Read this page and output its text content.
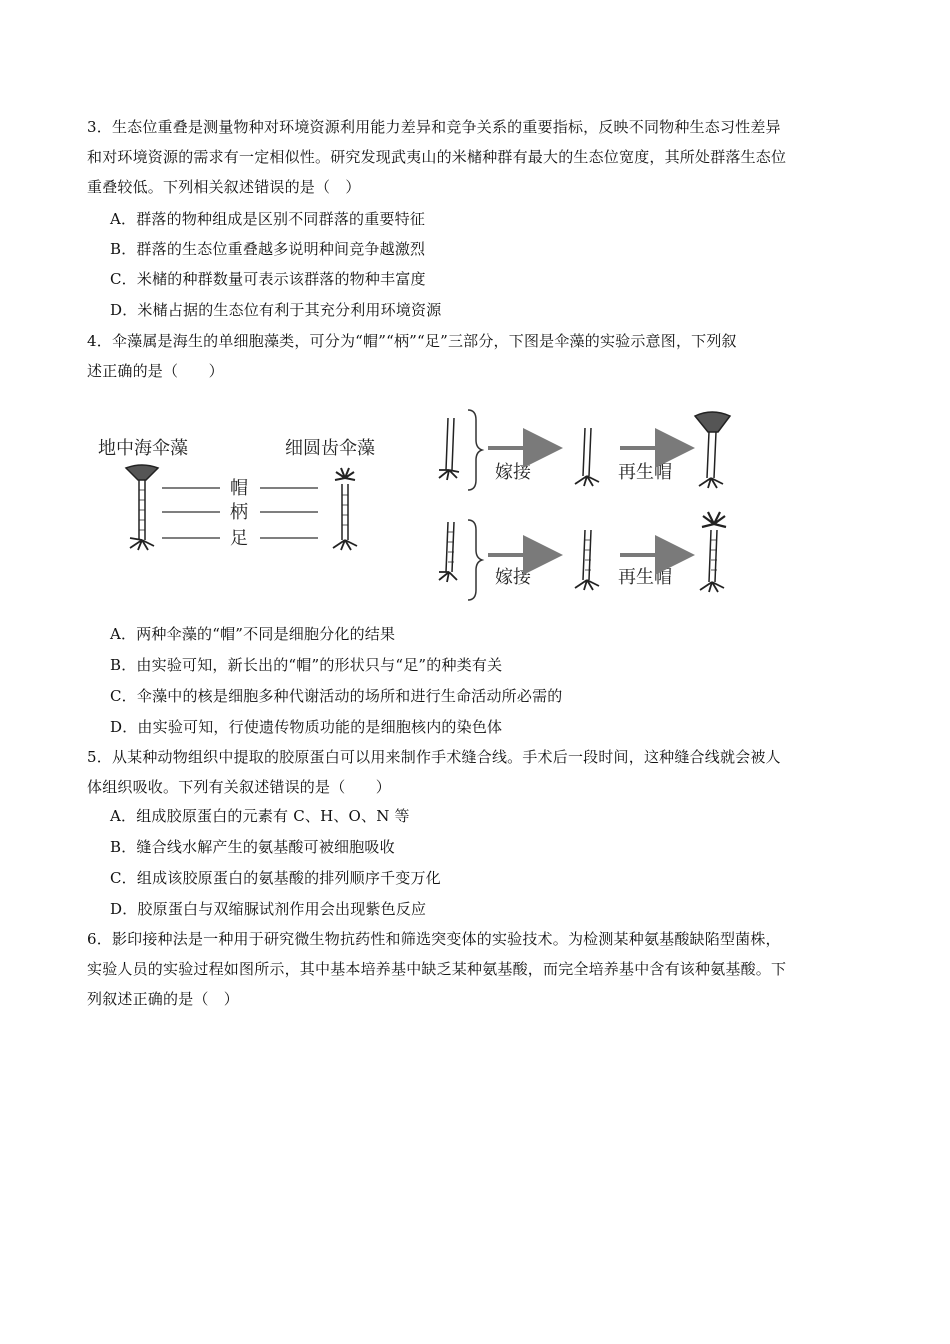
3．生态位重叠是测量物种对环境资源利用能力差异和竞争关系的重要指标，反映不同物种生态习性差异
和对环境资源的需求有一定相似性。研究发现武夷山的米槠种群有最大的生态位宽度，其所处群落生态位
重叠较低。下列相关叙述错误的是（　）
A．群落的物种组成是区别不同群落的重要特征
B．群落的生态位重叠越多说明种间竞争越激烈
C．米槠的种群数量可表示该群落的物种丰富度
D．米槠占据的生态位有利于其充分利用环境资源
4．伞藻属是海生的单细胞藻类，可分为“帽”“柄”“足”三部分，下图是伞藻的实验示意图，下列叙
述正确的是（　　）
地中海伞藻	细圆齿伞藻
帽
柄
足
嫁接	再生帽
嫁接	再生帽
A．两种伞藻的“帽”不同是细胞分化的结果
B．由实验可知，新长出的“帽”的形状只与“足”的种类有关
C．伞藻中的核是细胞多种代谢活动的场所和进行生命活动所必需的
D．由实验可知，行使遗传物质功能的是细胞核内的染色体
5．从某种动物组织中提取的胶原蛋白可以用来制作手术缝合线。手术后一段时间，这种缝合线就会被人
体组织吸收。下列有关叙述错误的是（　　）
A．组成胶原蛋白的元素有 C、H、O、N 等
B．缝合线水解产生的氨基酸可被细胞吸收
C．组成该胶原蛋白的氨基酸的排列顺序千变万化
D．胶原蛋白与双缩脲试剂作用会出现紫色反应
6．影印接种法是一种用于研究微生物抗药性和筛选突变体的实验技术。为检测某种氨基酸缺陷型菌株，
实验人员的实验过程如图所示，其中基本培养基中缺乏某种氨基酸，而完全培养基中含有该种氨基酸。下
列叙述正确的是（　）
